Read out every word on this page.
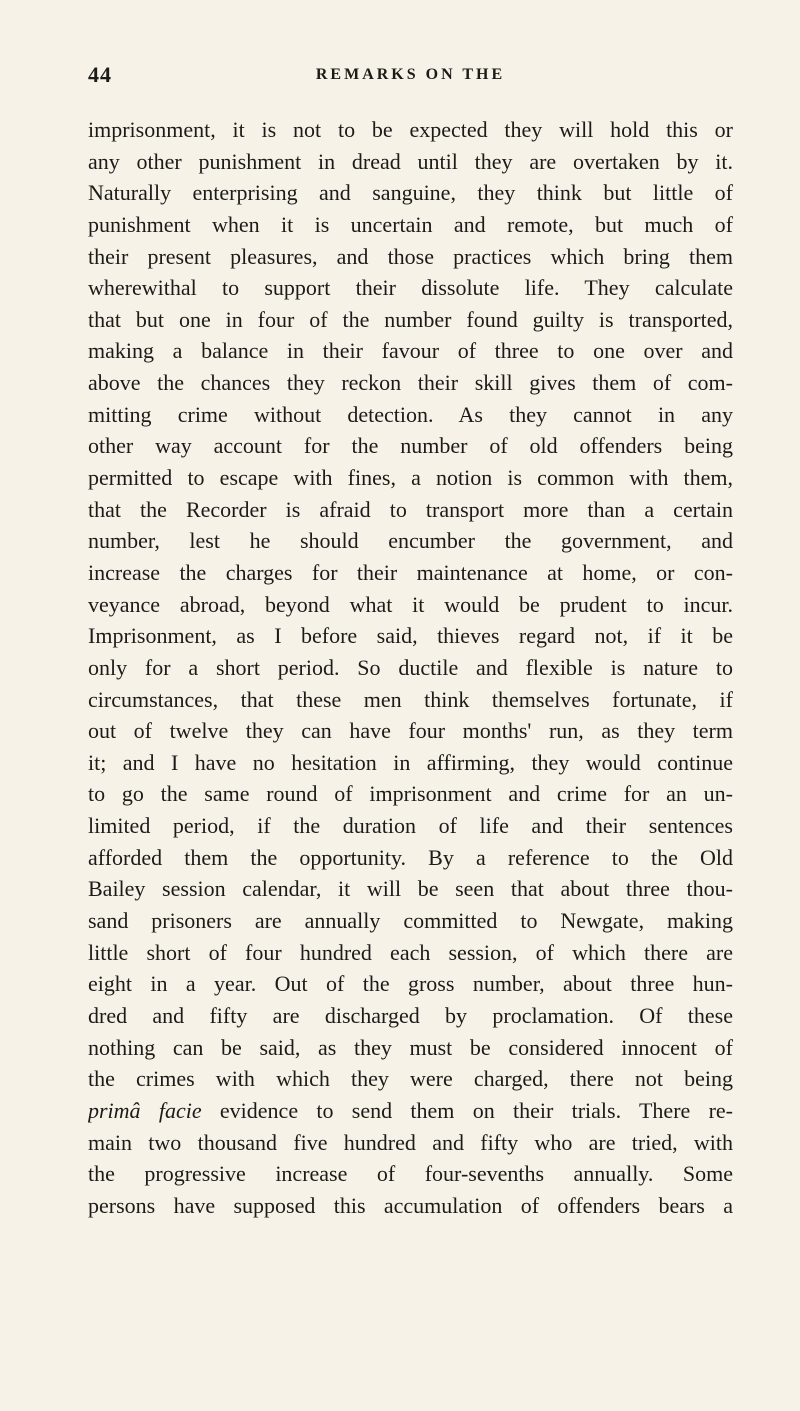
44	REMARKS ON THE
imprisonment, it is not to be expected they will hold this or
any other punishment in dread until they are overtaken by it.
Naturally enterprising and sanguine, they think but little of
punishment when it is uncertain and remote, but much of
their present pleasures, and those practices which bring them
wherewithal to support their dissolute life. They calculate
that but one in four of the number found guilty is transported,
making a balance in their favour of three to one over and
above the chances they reckon their skill gives them of com-
mitting crime without detection. As they cannot in any
other way account for the number of old offenders being
permitted to escape with fines, a notion is common with them,
that the Recorder is afraid to transport more than a certain
number, lest he should encumber the government, and
increase the charges for their maintenance at home, or con-
veyance abroad, beyond what it would be prudent to incur.
Imprisonment, as I before said, thieves regard not, if it be
only for a short period. So ductile and flexible is nature to
circumstances, that these men think themselves fortunate, if
out of twelve they can have four months' run, as they term
it; and I have no hesitation in affirming, they would continue
to go the same round of imprisonment and crime for an un-
limited period, if the duration of life and their sentences
afforded them the opportunity. By a reference to the Old
Bailey session calendar, it will be seen that about three thou-
sand prisoners are annually committed to Newgate, making
little short of four hundred each session, of which there are
eight in a year. Out of the gross number, about three hun-
dred and fifty are discharged by proclamation. Of these
nothing can be said, as they must be considered innocent of
the crimes with which they were charged, there not being
primâ facie evidence to send them on their trials. There re-
main two thousand five hundred and fifty who are tried, with
the progressive increase of four-sevenths annually. Some
persons have supposed this accumulation of offenders bears a
